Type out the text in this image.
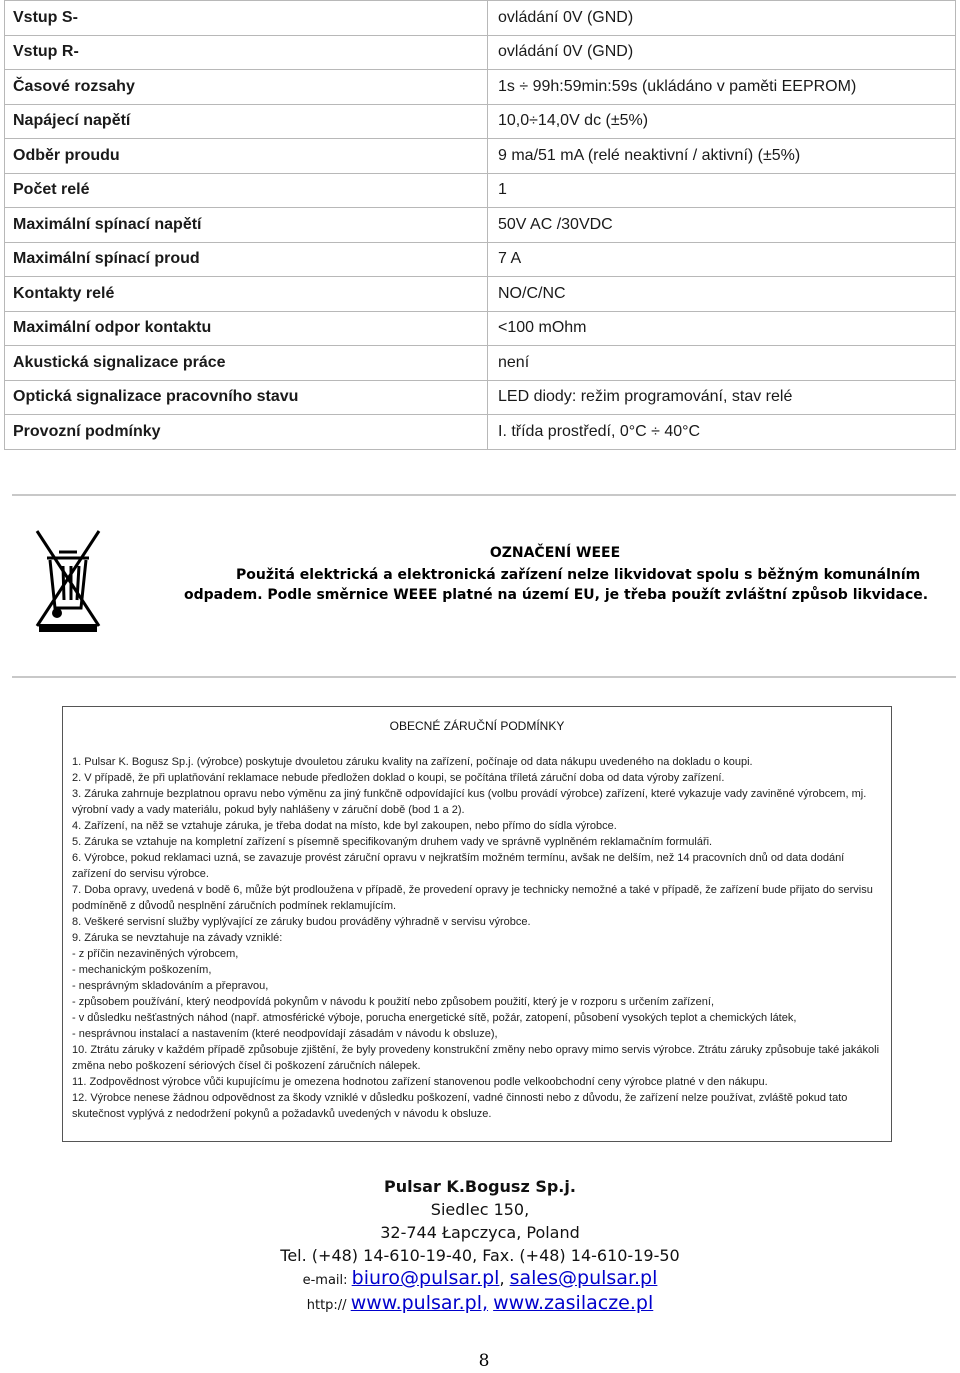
Vstup S-	ovládání 0V (GND)
Vstup R-	ovládání 0V (GND)
Časové rozsahy	1s ÷ 99h:59min:59s (ukládáno v paměti EEPROM)
Napájecí napětí	10,0÷14,0V dc (±5%)
Odběr proudu	9 ma/51 mA (relé neaktivní / aktivní) (±5%)
Počet relé	1
Maximální spínací napětí	50V AC /30VDC
Maximální spínací proud	7 A
Kontakty relé	NO/C/NC
Maximální odpor kontaktu	<100 mOhm
Akustická signalizace práce	není
Optická signalizace pracovního stavu	LED diody: režim programování, stav relé
Provozní podmínky	I. třída prostředí, 0°C ÷ 40°C
OZNAČENÍ WEEE
Použitá elektrická a elektronická zařízení nelze likvidovat spolu s běžným komunálním
odpadem. Podle směrnice WEEE platné na území EU, je třeba použít zvláštní způsob likvidace.
OBECNÉ ZÁRUČNÍ PODMÍNKY
1. Pulsar K. Bogusz Sp.j. (výrobce) poskytuje dvouletou záruku kvality na zařízení, počínaje od data nákupu uvedeného na dokladu o koupi.
2. V případě, že při uplatňování reklamace nebude předložen doklad o koupi, se počítána tříletá záruční doba od data výroby zařízení.
3. Záruka zahrnuje bezplatnou opravu nebo výměnu za jiný funkčně odpovídající kus (volbu provádí výrobce) zařízení, které vykazuje vady zaviněné výrobcem, mj. výrobní vady a vady materiálu, pokud byly nahlášeny v záruční době (bod 1 a 2).
4. Zařízení, na něž se vztahuje záruka, je třeba dodat na místo, kde byl zakoupen, nebo přímo do sídla výrobce.
5. Záruka se vztahuje na kompletní zařízení s písemně specifikovaným druhem vady ve správně vyplněném reklamačním formuláři.
6. Výrobce, pokud reklamaci uzná, se zavazuje provést záruční opravu v nejkratším možném termínu, avšak ne delším, než 14 pracovních dnů od data dodání zařízení do servisu výrobce.
7. Doba opravy, uvedená v bodě 6, může být prodloužena v případě, že provedení opravy je technicky nemožné a také v případě, že zařízení bude přijato do servisu podmíněně z důvodů nesplnění záručních podmínek reklamujícím.
8. Veškeré servisní služby vyplývající ze záruky budou prováděny výhradně v servisu výrobce.
9. Záruka se nevztahuje na závady vzniklé:
- z příčin nezaviněných výrobcem,
- mechanickým poškozením,
- nesprávným skladováním a přepravou,
- způsobem používání, který neodpovídá pokynům v návodu k použití nebo způsobem použití, který je v rozporu s určením zařízení,
- v důsledku nešťastných náhod (např. atmosférické výboje, porucha energetické sítě, požár, zatopení, působení vysokých teplot a chemických látek,
- nesprávnou instalací a nastavením (které neodpovídají zásadám v návodu k obsluze),
10. Ztrátu záruky v každém případě způsobuje zjištění, že byly provedeny konstrukční změny nebo opravy mimo servis výrobce. Ztrátu záruky způsobuje také jakákoli změna nebo poškození sériových čísel či poškození záručních nálepek.
11. Zodpovědnost výrobce vůči kupujícímu je omezena hodnotou zařízení stanovenou podle velkoobchodní ceny výrobce platné v den nákupu.
12. Výrobce nenese žádnou odpovědnost za škody vzniklé v důsledku poškození, vadné činnosti nebo z důvodu, že zařízení nelze používat, zvláště pokud tato skutečnost vyplývá z nedodržení pokynů a požadavků uvedených v návodu k obsluze.
Pulsar K.Bogusz Sp.j.
Siedlec 150,
32-744 Łapczyca, Poland
Tel. (+48) 14-610-19-40, Fax. (+48) 14-610-19-50
e-mail: biuro@pulsar.pl, sales@pulsar.pl
http:// www.pulsar.pl, www.zasilacze.pl
8
